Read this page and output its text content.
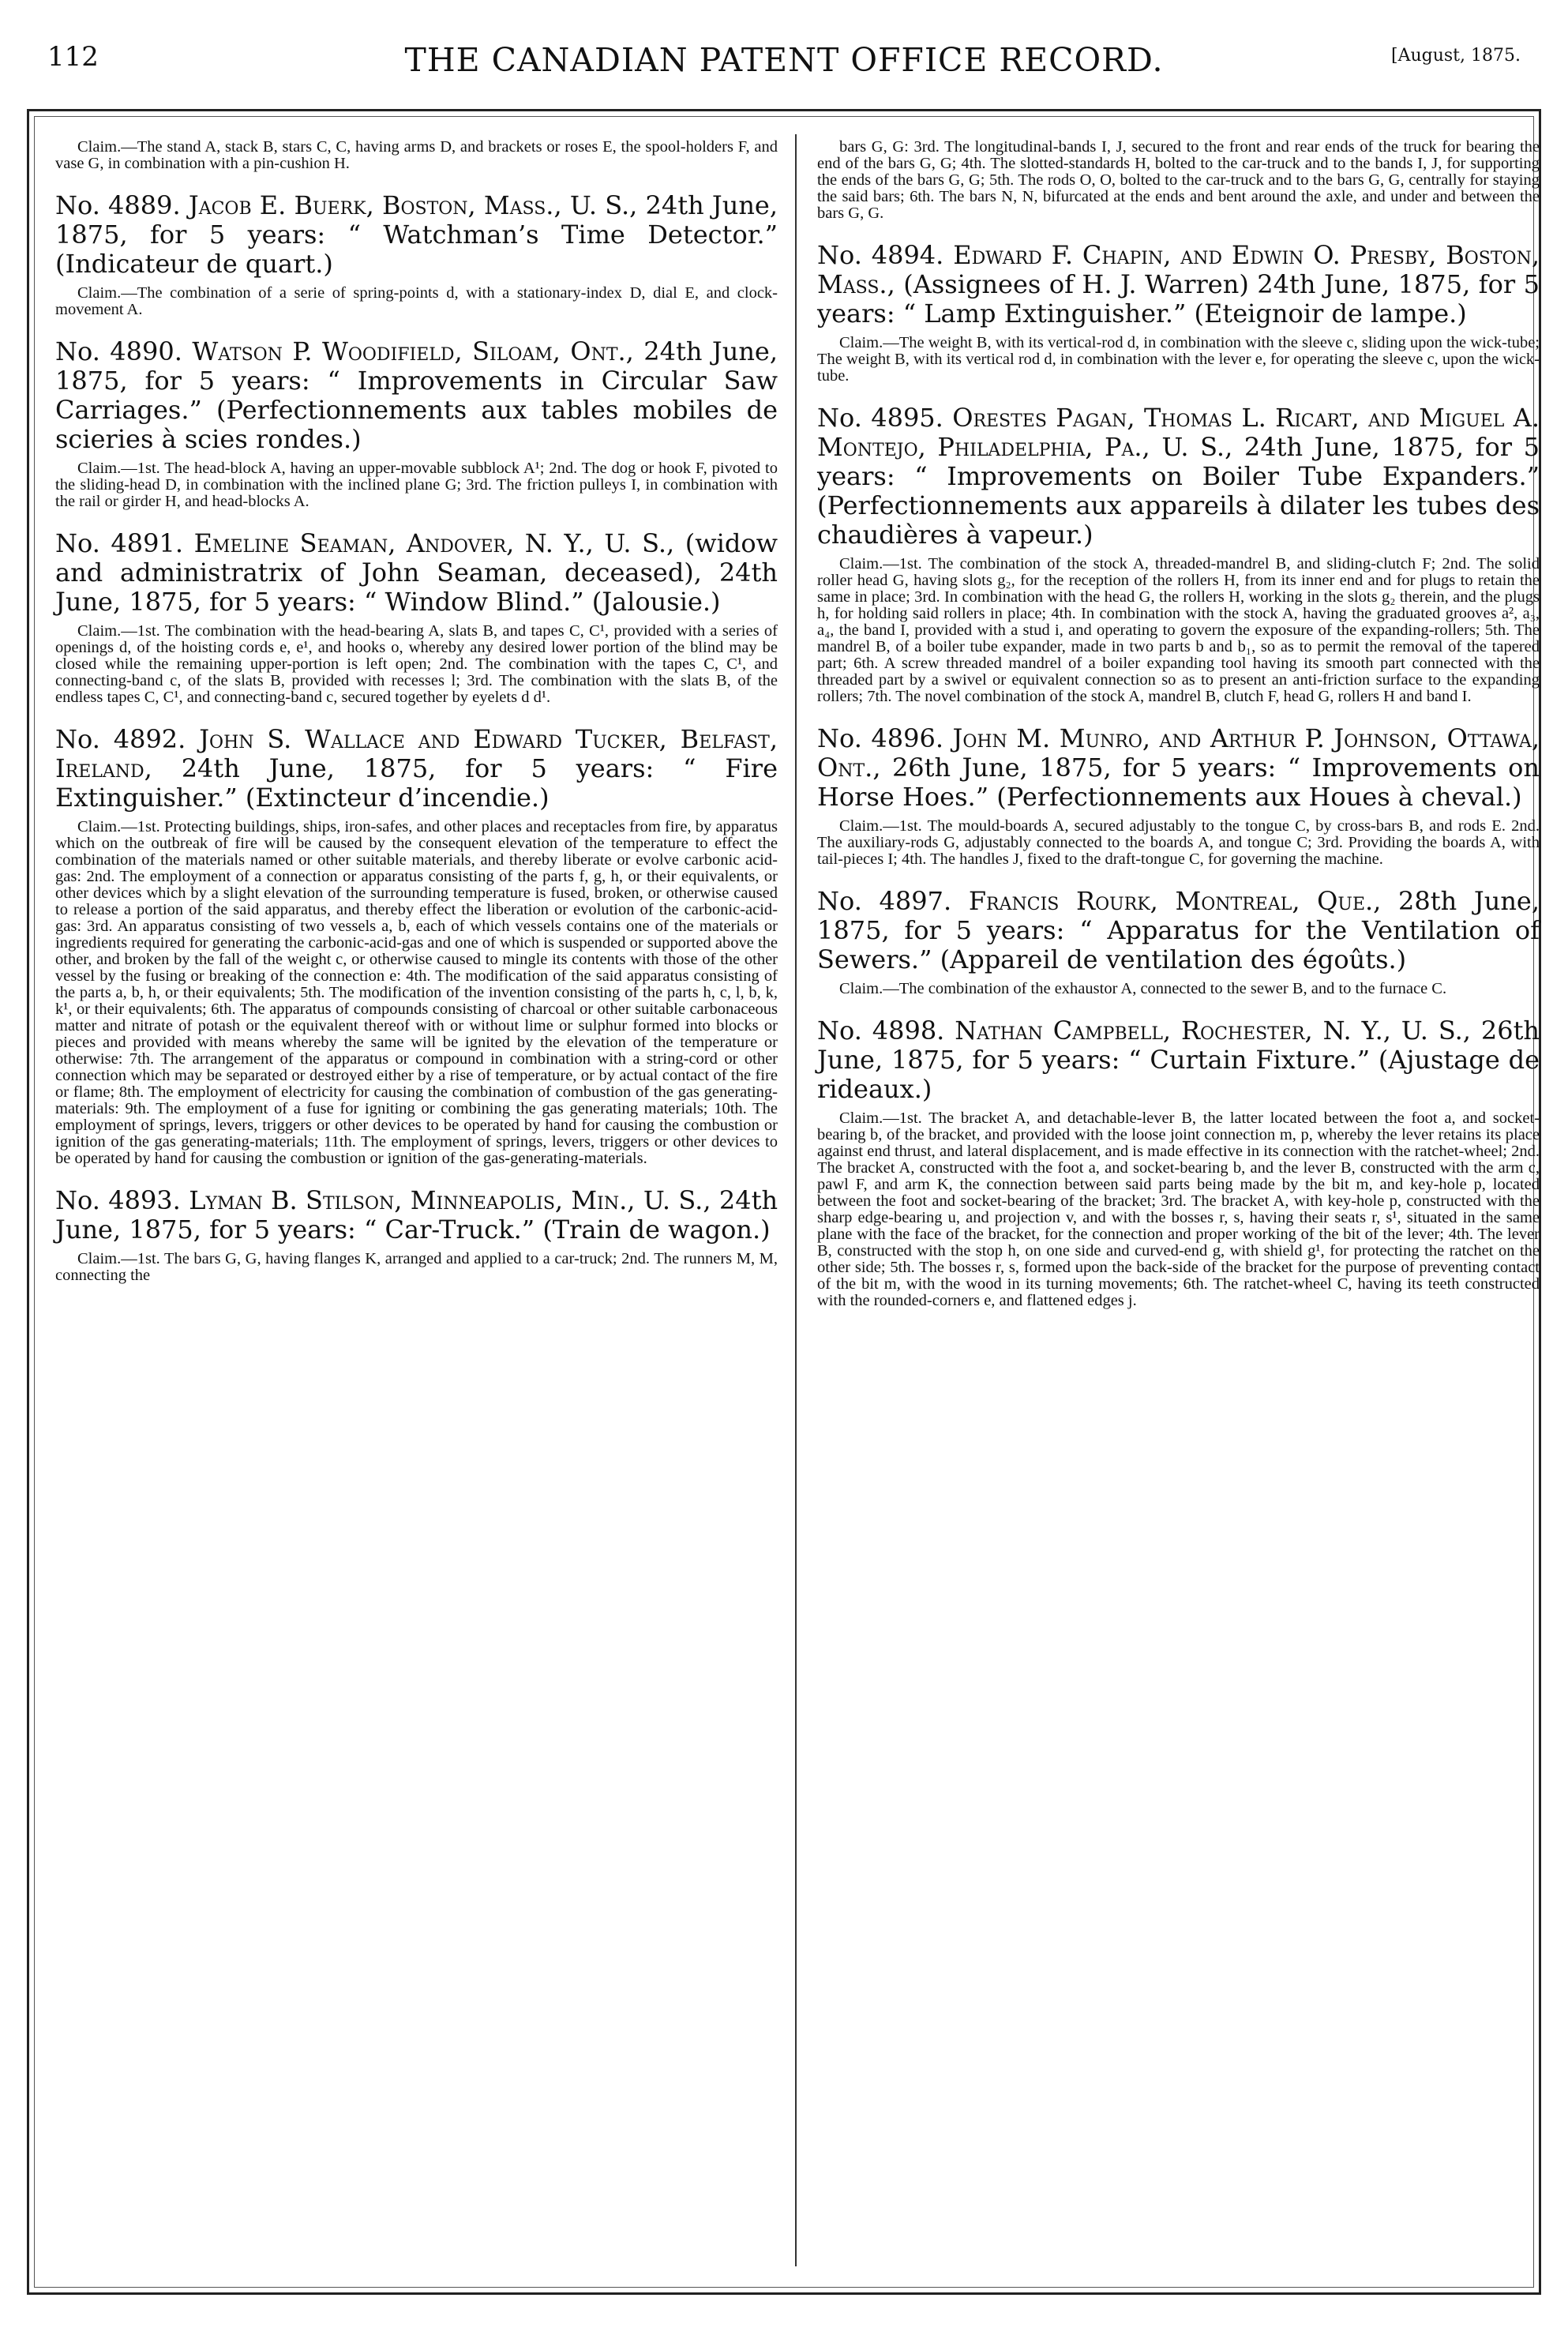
112	THE CANADIAN PATENT OFFICE RECORD.	[August, 1875.

Claim.—The stand A, stack B, stars C, C, having arms D, and brackets or roses E, the spool-holders F, and vase G, in combination with a pin-cushion H.

No. 4889. Jacob E. Buerk, Boston, Mass., U. S., 24th June, 1875, for 5 years: “ Watchman’s Time Detector.” (Indicateur de quart.)

Claim.—The combination of a serie of spring-points d, with a stationary-index D, dial E, and clock-movement A.

No. 4890. Watson P. Woodifield, Siloam, Ont., 24th June, 1875, for 5 years: “ Improvements in Circular Saw Carriages.” (Perfectionnements aux tables mobiles de scieries à scies rondes.)

Claim.—1st. The head-block A, having an upper-movable subblock A¹; 2nd. The dog or hook F, pivoted to the sliding-head D, in combination with the inclined plane G; 3rd. The friction pulleys I, in combination with the rail or girder H, and head-blocks A.

No. 4891. Emeline Seaman, Andover, N. Y., U. S., (widow and administratrix of John Seaman, deceased), 24th June, 1875, for 5 years: “ Window Blind.” (Jalousie.)

Claim.—1st. The combination with the head-bearing A, slats B, and tapes C, C¹, provided with a series of openings d, of the hoisting cords e, e¹, and hooks o, whereby any desired lower portion of the blind may be closed while the remaining upper-portion is left open; 2nd. The combination with the tapes C, C¹, and connecting-band c, of the slats B, provided with recesses l; 3rd. The combination with the slats B, of the endless tapes C, C¹, and connecting-band c, secured together by eyelets d d¹.

No. 4892. John S. Wallace and Edward Tucker, Belfast, Ireland, 24th June, 1875, for 5 years: “ Fire Extinguisher.” (Extincteur d’incendie.)

Claim.—1st. Protecting buildings, ships, iron-safes, and other places and receptacles from fire, by apparatus which on the outbreak of fire will be caused by the consequent elevation of the temperature to effect the combination of the materials named or other suitable materials, and thereby liberate or evolve carbonic acid-gas: 2nd. The employment of a connection or apparatus consisting of the parts f, g, h, or their equivalents, or other devices which by a slight elevation of the surrounding temperature is fused, broken, or otherwise caused to release a portion of the said apparatus, and thereby effect the liberation or evolution of the carbonic-acid-gas: 3rd. An apparatus consisting of two vessels a, b, each of which vessels contains one of the materials or ingredients required for generating the carbonic-acid-gas and one of which is suspended or supported above the other, and broken by the fall of the weight c, or otherwise caused to mingle its contents with those of the other vessel by the fusing or breaking of the connection e: 4th. The modification of the said apparatus consisting of the parts a, b, h, or their equivalents; 5th. The modification of the invention consisting of the parts h, c, l, b, k, k¹, or their equivalents; 6th. The apparatus of compounds consisting of charcoal or other suitable carbonaceous matter and nitrate of potash or the equivalent thereof with or without lime or sulphur formed into blocks or pieces and provided with means whereby the same will be ignited by the elevation of the temperature or otherwise: 7th. The arrangement of the apparatus or compound in combination with a string-cord or other connection which may be separated or destroyed either by a rise of temperature, or by actual contact of the fire or flame; 8th. The employment of electricity for causing the combination of combustion of the gas generating-materials: 9th. The employment of a fuse for igniting or combining the gas generating materials; 10th. The employment of springs, levers, triggers or other devices to be operated by hand for causing the combustion or ignition of the gas generating-materials; 11th. The employment of springs, levers, triggers or other devices to be operated by hand for causing the combustion or ignition of the gas-generating-materials.

No. 4893. Lyman B. Stilson, Minneapolis, Min., U. S., 24th June, 1875, for 5 years: “ Car-Truck.” (Train de wagon.)

Claim.—1st. The bars G, G, having flanges K, arranged and applied to a car-truck; 2nd. The runners M, M, connecting the

bars G, G: 3rd. The longitudinal-bands I, J, secured to the front and rear ends of the truck for bearing the end of the bars G, G; 4th. The slotted-standards H, bolted to the car-truck and to the bands I, J, for supporting the ends of the bars G, G; 5th. The rods O, O, bolted to the car-truck and to the bars G, G, centrally for staying the said bars; 6th. The bars N, N, bifurcated at the ends and bent around the axle, and under and between the bars G, G.

No. 4894. Edward F. Chapin, and Edwin O. Presby, Boston, Mass., (Assignees of H. J. Warren) 24th June, 1875, for 5 years: “ Lamp Extinguisher.” (Eteignoir de lampe.)

Claim.—The weight B, with its vertical-rod d, in combination with the sleeve c, sliding upon the wick-tube; The weight B, with its vertical rod d, in combination with the lever e, for operating the sleeve c, upon the wick-tube.

No. 4895. Orestes Pagan, Thomas L. Ricart, and Miguel A. Montejo, Philadelphia, Pa., U. S., 24th June, 1875, for 5 years: “ Improvements on Boiler Tube Expanders.” (Perfectionnements aux appareils à dilater les tubes des chaudières à vapeur.)

Claim.—1st. The combination of the stock A, threaded-mandrel B, and sliding-clutch F; 2nd. The solid roller head G, having slots g₂, for the reception of the rollers H, from its inner end and for plugs to retain the same in place; 3rd. In combination with the head G, the rollers H, working in the slots g₂ therein, and the plugs h, for holding said rollers in place; 4th. In combination with the stock A, having the graduated grooves a², a₃, a₄, the band I, provided with a stud i, and operating to govern the exposure of the expanding-rollers; 5th. The mandrel B, of a boiler tube expander, made in two parts b and b₁, so as to permit the removal of the tapered part; 6th. A screw threaded mandrel of a boiler expanding tool having its smooth part connected with the threaded part by a swivel or equivalent connection so as to present an anti-friction surface to the expanding rollers; 7th. The novel combination of the stock A, mandrel B, clutch F, head G, rollers H and band I.

No. 4896. John M. Munro, and Arthur P. Johnson, Ottawa, Ont., 26th June, 1875, for 5 years: “ Improvements on Horse Hoes.” (Perfectionnements aux Houes à cheval.)

Claim.—1st. The mould-boards A, secured adjustably to the tongue C, by cross-bars B, and rods E. 2nd. The auxiliary-rods G, adjustably connected to the boards A, and tongue C; 3rd. Providing the boards A, with tail-pieces I; 4th. The handles J, fixed to the draft-tongue C, for governing the machine.

No. 4897. Francis Rourk, Montreal, Que., 28th June, 1875, for 5 years: “ Apparatus for the Ventilation of Sewers.” (Appareil de ventilation des égoûts.)

Claim.—The combination of the exhaustor A, connected to the sewer B, and to the furnace C.

No. 4898. Nathan Campbell, Rochester, N. Y., U. S., 26th June, 1875, for 5 years: “ Curtain Fixture.” (Ajustage de rideaux.)

Claim.—1st. The bracket A, and detachable-lever B, the latter located between the foot a, and socket-bearing b, of the bracket, and provided with the loose joint connection m, p, whereby the lever retains its place against end thrust, and lateral displacement, and is made effective in its connection with the ratchet-wheel; 2nd. The bracket A, constructed with the foot a, and socket-bearing b, and the lever B, constructed with the arm c, pawl F, and arm K, the connection between said parts being made by the bit m, and key-hole p, located between the foot and socket-bearing of the bracket; 3rd. The bracket A, with key-hole p, constructed with the sharp edge-bearing u, and projection v, and with the bosses r, s, having their seats r, s¹, situated in the same plane with the face of the bracket, for the connection and proper working of the bit of the lever; 4th. The lever B, constructed with the stop h, on one side and curved-end g, with shield g¹, for protecting the ratchet on the other side; 5th. The bosses r, s, formed upon the back-side of the bracket for the purpose of preventing contact of the bit m, with the wood in its turning movements; 6th. The ratchet-wheel C, having its teeth constructed with the rounded-corners e, and flattened edges j.
